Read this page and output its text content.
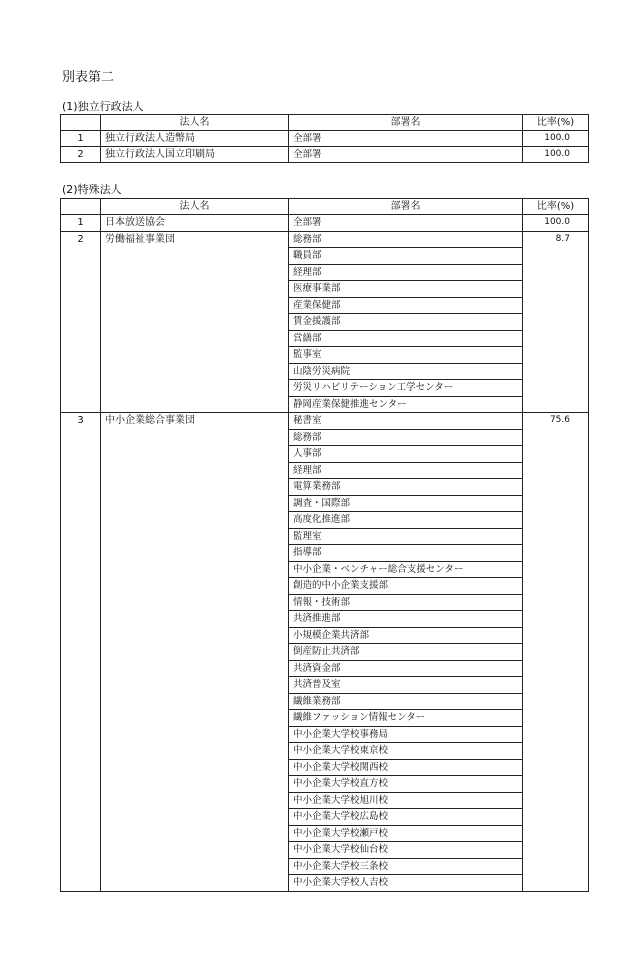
別表第二
(1)独立行政法人
	法人名	部署名	比率(%)
1	独立行政法人造幣局	全部署	100.0
2	独立行政法人国立印刷局	全部署	100.0
(2)特殊法人
	法人名	部署名	比率(%)
1	日本放送協会	全部署	100.0
2	労働福祉事業団	総務部	8.7
		職員部	
		経理部	
		医療事業部	
		産業保健部	
		賃金援護部	
		営繕部	
		監事室	
		山陰労災病院	
		労災リハビリテーション工学センター	
		静岡産業保健推進センター	
3	中小企業総合事業団	秘書室	75.6
		総務部	
		人事部	
		経理部	
		電算業務部	
		調査・国際部	
		高度化推進部	
		監理室	
		指導部	
		中小企業・ベンチャー総合支援センター	
		創造的中小企業支援部	
		情報・技術部	
		共済推進部	
		小規模企業共済部	
		倒産防止共済部	
		共済資金部	
		共済普及室	
		繊維業務部	
		繊維ファッション情報センター	
		中小企業大学校事務局	
		中小企業大学校東京校	
		中小企業大学校関西校	
		中小企業大学校直方校	
		中小企業大学校旭川校	
		中小企業大学校広島校	
		中小企業大学校瀬戸校	
		中小企業大学校仙台校	
		中小企業大学校三条校	
		中小企業大学校人吉校	
